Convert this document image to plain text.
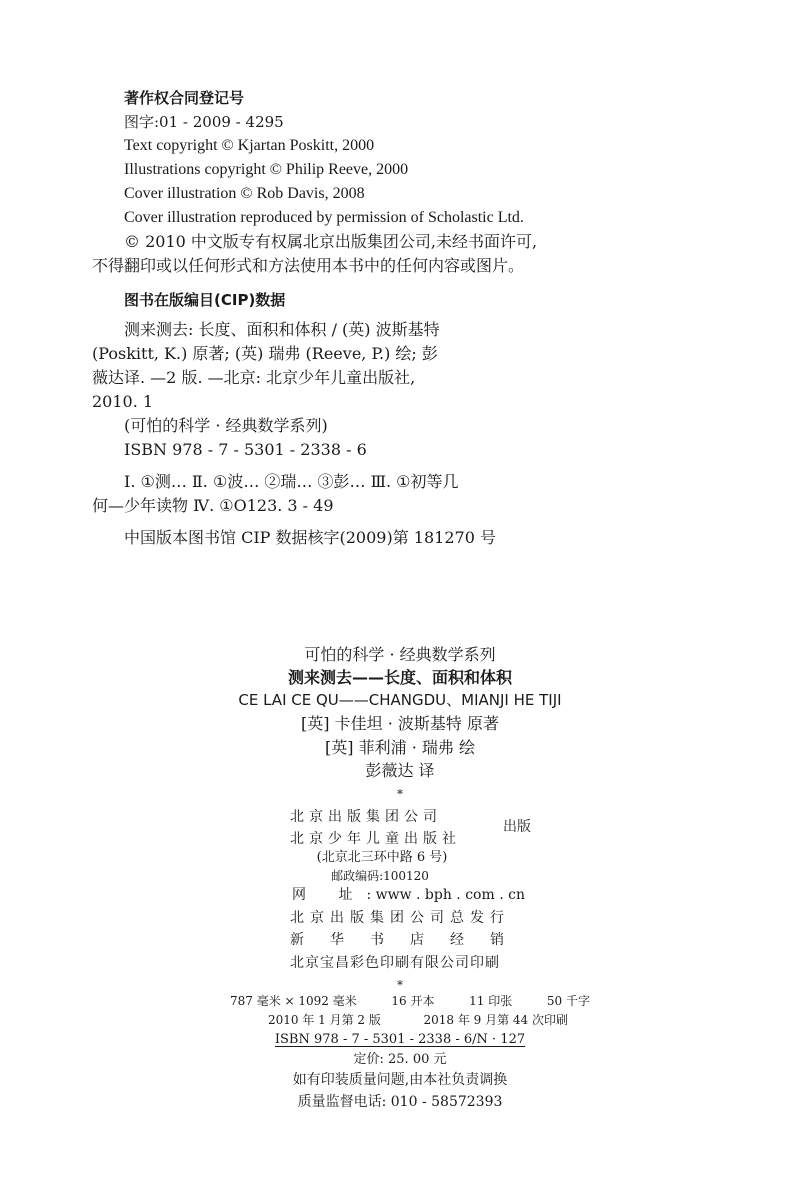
著作权合同登记号
图字:01 - 2009 - 4295
Text copyright © Kjartan Poskitt, 2000
Illustrations copyright © Philip Reeve, 2000
Cover illustration © Rob Davis, 2008
Cover illustration reproduced by permission of Scholastic Ltd.
© 2010 中文版专有权属北京出版集团公司,未经书面许可,
不得翻印或以任何形式和方法使用本书中的任何内容或图片。
图书在版编目(CIP)数据
测来测去: 长度、面积和体积 / (英) 波斯基特
(Poskitt, K.) 原著; (英) 瑞弗 (Reeve, P.) 绘; 彭
薇达译. —2 版. —北京: 北京少年儿童出版社,
2010. 1
(可怕的科学 · 经典数学系列)
ISBN 978 - 7 - 5301 - 2338 - 6
Ⅰ. ①测… Ⅱ. ①波… ②瑞… ③彭… Ⅲ. ①初等几
何—少年读物 Ⅳ. ①O123. 3 - 49
中国版本图书馆 CIP 数据核字(2009)第 181270 号
可怕的科学 · 经典数学系列
测来测去——长度、面积和体积
CE LAI CE QU——CHANGDU、MIANJI HE TIJI
[英] 卡佳坦 · 波斯基特 原著
[英] 菲利浦 · 瑞弗 绘
彭薇达 译
*
北京出版集团公司
北京少年儿童出版社
出版
(北京北三环中路 6 号)
邮政编码:100120
网 址: www . bph . com . cn
北京出版集团公司总发行
新华书店经销
北京宝昌彩色印刷有限公司印刷
*
787 毫米 × 1092 毫米	16 开本	11 印张	50 千字
2010 年 1 月第 2 版	2018 年 9 月第 44 次印刷
ISBN 978 - 7 - 5301 - 2338 - 6/N · 127
定价: 25. 00 元
如有印装质量问题,由本社负责调换
质量监督电话: 010 - 58572393
